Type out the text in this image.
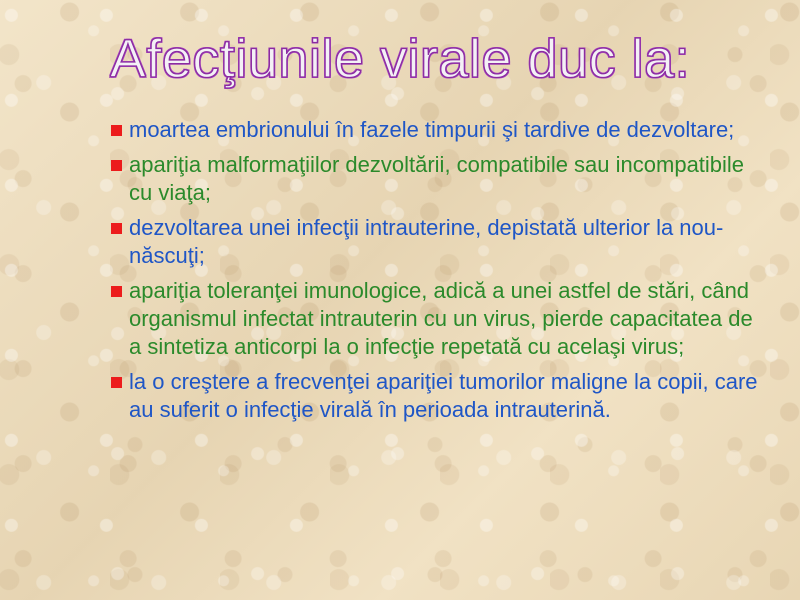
Afecţiunile virale duc la:
moartea embrionului în fazele timpurii şi tardive de dezvoltare;
apariţia malformaţiilor dezvoltării, compatibile sau incompatibile cu viaţa;
dezvoltarea unei infecţii intrauterine, depistată ulterior la nou-născuţi;
apariţia toleranţei imunologice, adică a unei astfel de stări, când organismul infectat intrauterin cu un virus, pierde capacitatea de a sintetiza anticorpi la o infecţie repetată cu acelaşi virus;
la o creştere a frecvenţei apariţiei tumorilor maligne la copii, care au suferit o infecţie virală în perioada intrauterină.
